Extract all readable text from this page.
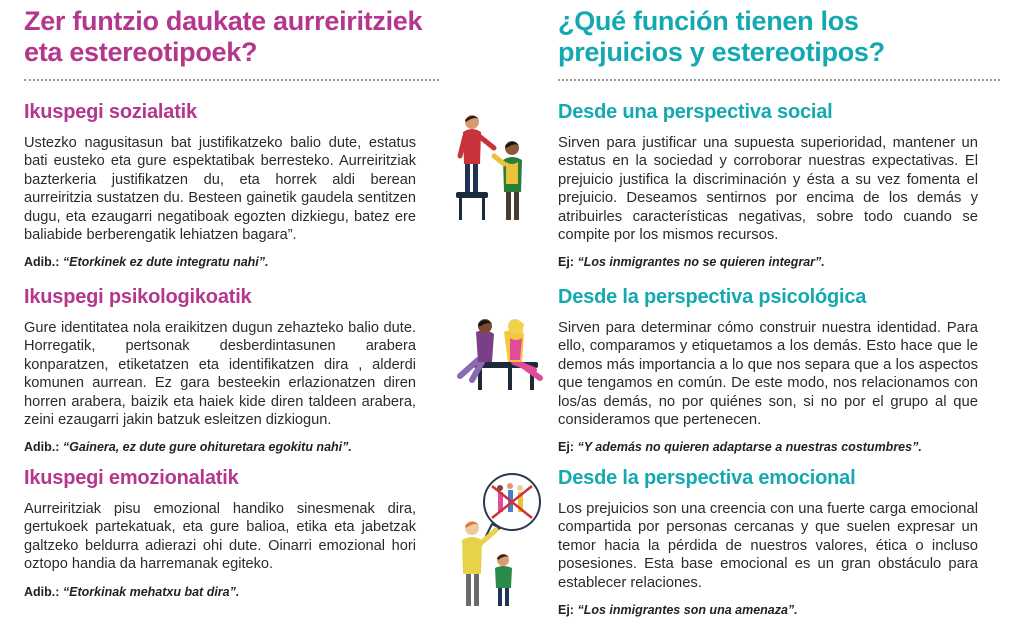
Zer funtzio daukate aurreiritziek eta estereotipoek?
Ikuspegi sozialatik

Ustezko nagusitasun bat justifikatzeko balio dute, estatus bati eusteko eta gure espektatibak berresteko. Aurreiritziak bazterkeria justifikatzen du, eta horrek aldi berean aurreiritzia sustatzen du. Besteen gainetik gaudela sentitzen dugu, eta ezaugarri negatiboak egozten dizkiegu, batez ere baliabide berberengatik lehiatzen bagara”.

Adib.: “Etorkinek ez dute integratu nahi”.

Ikuspegi psikologikoatik

Gure identitatea nola eraikitzen dugun zehazteko balio dute. Horregatik, pertsonak desberdintasunen arabera konparatzen, etiketatzen eta identifikatzen dira , alderdi komunen aurrean. Ez gara besteekin erlazionatzen diren horren arabera, baizik eta haiek kide diren taldeen arabera, zeini ezaugarri jakin batzuk esleitzen dizkiogun.

Adib.: “Gainera, ez dute gure ohituretara egokitu nahi”.

Ikuspegi emozionalatik

Aurreiritziak pisu emozional handiko sinesmenak dira, gertukoek partekatuak, eta gure balioa, etika eta jabetzak galtzeko beldurra adierazi ohi dute. Oinarri emozional hori oztopo handia da harremanak egiteko.

Adib.: “Etorkinak mehatxu bat dira”.

¿Qué función tienen los prejuicios y estereotipos?
Desde una perspectiva social

Sirven para justificar una supuesta superioridad, mantener un estatus en la sociedad y corroborar nuestras expectativas. El prejuicio justifica la discriminación y ésta a su vez fomenta el prejuicio. Deseamos sentirnos por encima de los demás y atribuirles características negativas, sobre todo cuando se compite por los mismos recursos.

Ej: “Los inmigrantes no se quieren integrar”.

Desde la perspectiva psicológica

Sirven para determinar cómo construir nuestra identidad. Para ello, comparamos y etiquetamos a los demás. Esto hace que le demos más importancia a lo que nos separa que a los aspectos que tengamos en común. De este modo, nos relacionamos con los/as demás, no por quiénes son, si no por el grupo al que consideramos que pertenecen.

Ej: “Y además no quieren adaptarse a nuestras costumbres”.

Desde la perspectiva emocional

Los prejuicios son una creencia con una fuerte carga emocional compartida por personas cercanas y que suelen expresar un temor hacia la pérdida de nuestros valores, ética o incluso posesiones. Esta base emocional es un gran obstáculo para establecer relaciones.

Ej: “Los inmigrantes son una amenaza”.
